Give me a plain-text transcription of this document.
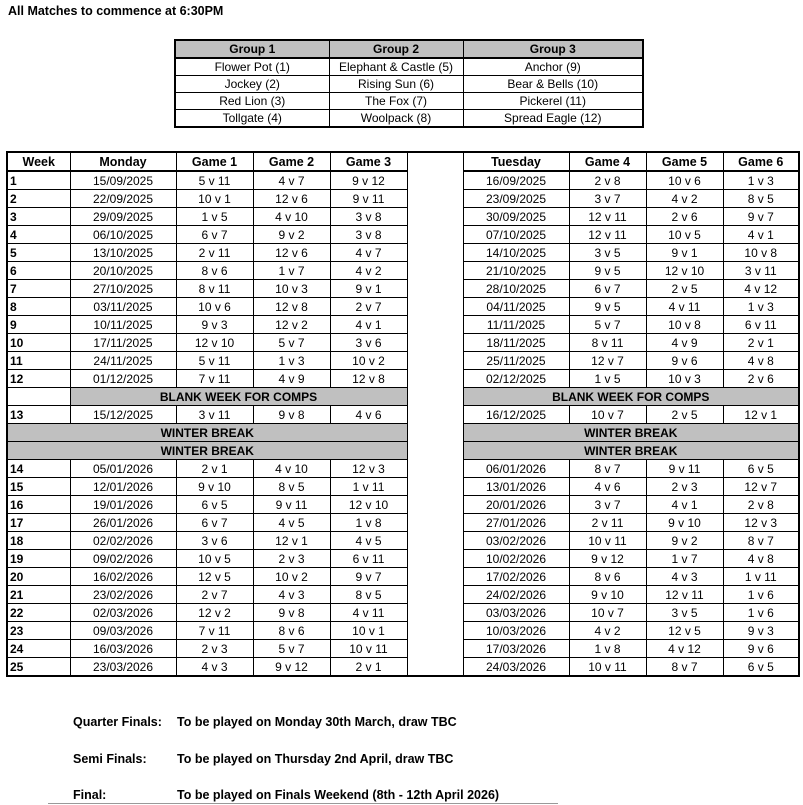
All Matches to commence at 6:30PM
Group 1	Group 2	Group 3
Flower Pot (1)	Elephant & Castle (5)	Anchor (9)
Jockey (2)	Rising Sun (6)	Bear & Bells (10)
Red Lion (3)	The Fox (7)	Pickerel (11)
Tollgate (4)	Woolpack (8)	Spread Eagle (12)
Week	Monday	Game 1	Game 2	Game 3		Tuesday	Game 4	Game 5	Game 6
1	15/09/2025	5 v 11	4 v 7	9 v 12		16/09/2025	2 v 8	10 v 6	1 v 3
2	22/09/2025	10 v 1	12 v 6	9 v 11		23/09/2025	3 v 7	4 v 2	8 v 5
3	29/09/2025	1 v 5	4 v 10	3 v 8		30/09/2025	12 v 11	2 v 6	9 v 7
4	06/10/2025	6 v 7	9 v 2	3 v 8		07/10/2025	12 v 11	10 v 5	4 v 1
5	13/10/2025	2 v 11	12 v 6	4 v 7		14/10/2025	3 v 5	9 v 1	10 v 8
6	20/10/2025	8 v 6	1 v 7	4 v 2		21/10/2025	9 v 5	12 v 10	3 v 11
7	27/10/2025	8 v 11	10 v 3	9 v 1		28/10/2025	6 v 7	2 v 5	4 v 12
8	03/11/2025	10 v 6	12 v 8	2 v 7		04/11/2025	9 v 5	4 v 11	1 v 3
9	10/11/2025	9 v 3	12 v 2	4 v 1		11/11/2025	5 v 7	10 v 8	6 v 11
10	17/11/2025	12 v 10	5 v 7	3 v 6		18/11/2025	8 v 11	4 v 9	2 v 1
11	24/11/2025	5 v 11	1 v 3	10 v 2		25/11/2025	12 v 7	9 v 6	4 v 8
12	01/12/2025	7 v 11	4 v 9	12 v 8		02/12/2025	1 v 5	10 v 3	2 v 6
	BLANK WEEK FOR COMPS					BLANK WEEK FOR COMPS			
13	15/12/2025	3 v 11	9 v 8	4 v 6		16/12/2025	10 v 7	2 v 5	12 v 1
WINTER BREAK						WINTER BREAK			
WINTER BREAK						WINTER BREAK			
14	05/01/2026	2 v 1	4 v 10	12 v 3		06/01/2026	8 v 7	9 v 11	6 v 5
15	12/01/2026	9 v 10	8 v 5	1 v 11		13/01/2026	4 v 6	2 v 3	12 v 7
16	19/01/2026	6 v 5	9 v 11	12 v 10		20/01/2026	3 v 7	4 v 1	2 v 8
17	26/01/2026	6 v 7	4 v 5	1 v 8		27/01/2026	2 v 11	9 v 10	12 v 3
18	02/02/2026	3 v 6	12 v 1	4 v 5		03/02/2026	10 v 11	9 v 2	8 v 7
19	09/02/2026	10 v 5	2 v 3	6 v 11		10/02/2026	9 v 12	1 v 7	4 v 8
20	16/02/2026	12 v 5	10 v 2	9 v 7		17/02/2026	8 v 6	4 v 3	1 v 11
21	23/02/2026	2 v 7	4 v 3	8 v 5		24/02/2026	9 v 10	12 v 11	1 v 6
22	02/03/2026	12 v 2	9 v 8	4 v 11		03/03/2026	10 v 7	3 v 5	1 v 6
23	09/03/2026	7 v 11	8 v 6	10 v 1		10/03/2026	4 v 2	12 v 5	9 v 3
24	16/03/2026	2 v 3	5 v 7	10 v 11		17/03/2026	1 v 8	4 v 12	9 v 6
25	23/03/2026	4 v 3	9 v 12	2 v 1		24/03/2026	10 v 11	8 v 7	6 v 5
Quarter Finals: To be played on Monday 30th March, draw TBC
Semi Finals: To be played on Thursday 2nd April, draw TBC
Final:	To be played on Finals Weekend (8th - 12th April 2026)
